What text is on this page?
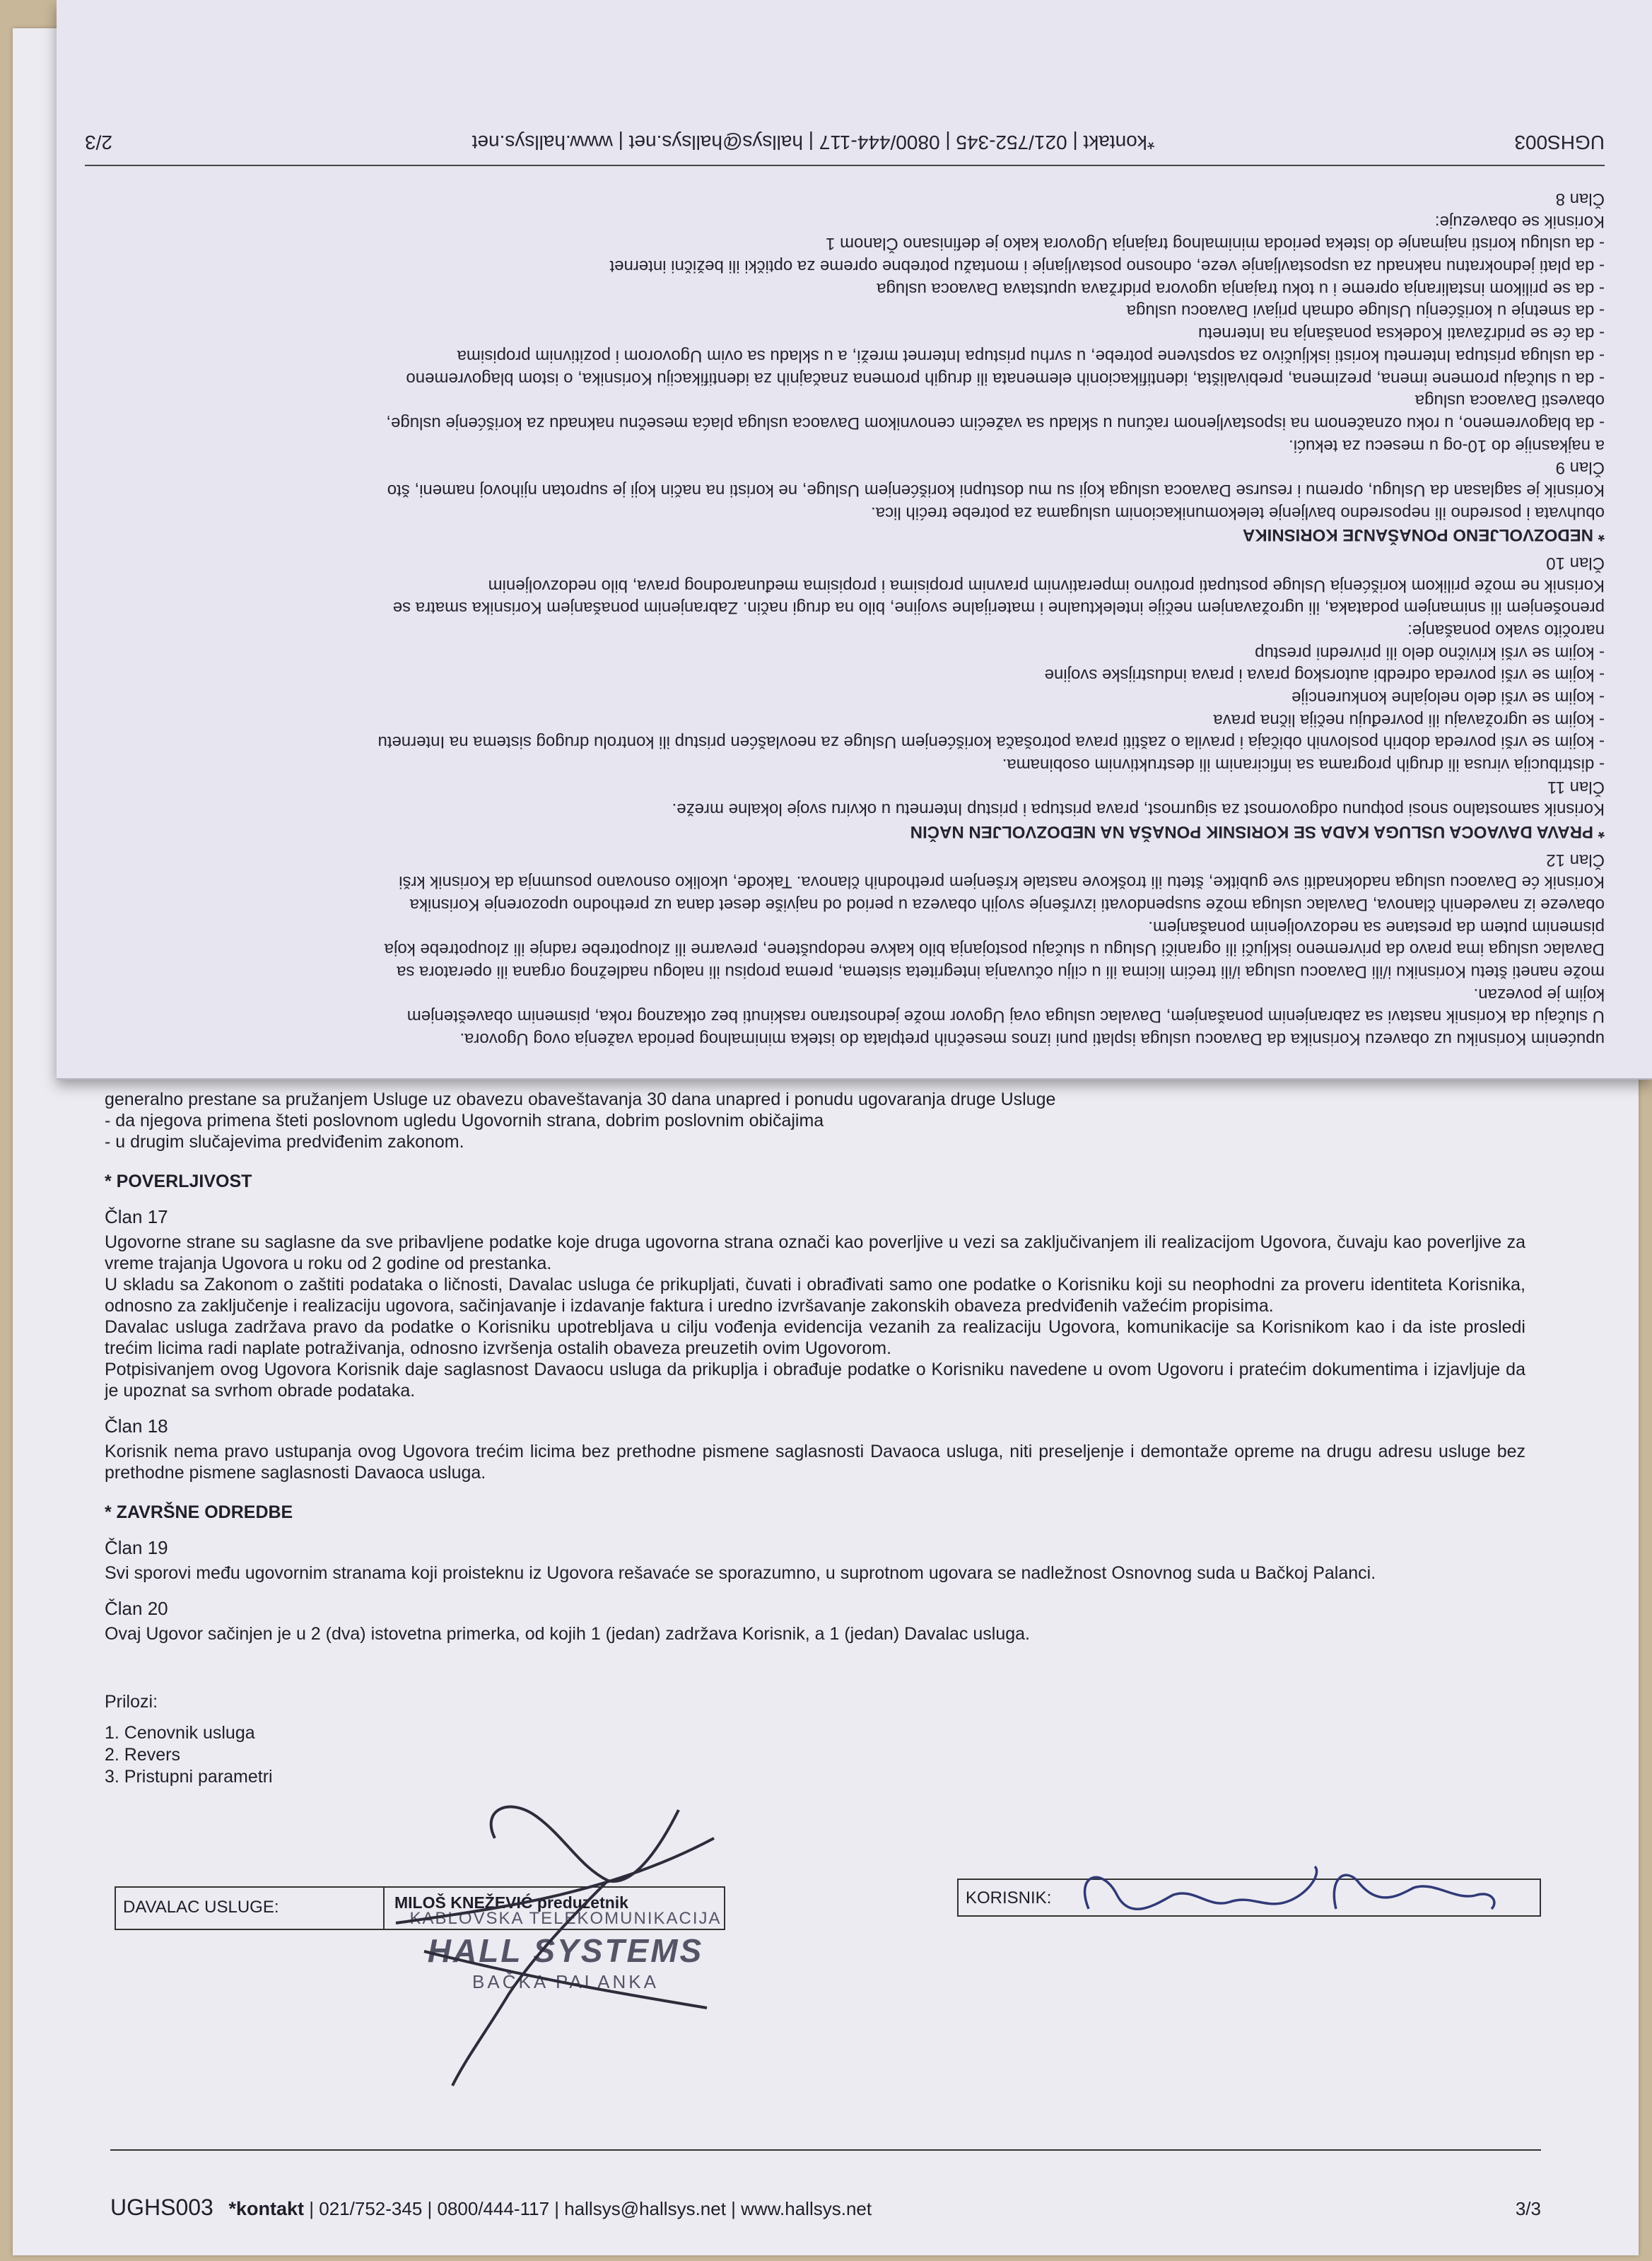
upućenim Korisniku uz obavezu Korisnika da Davaocu usluga isplati puni iznos mesečnih pretplata do isteka minimalnog perioda važenja ovog Ugovora.
U slučaju da Korisnik nastavi sa zabranjenim ponašanjem, Davalac usluga ovaj Ugovor može jednostrano raskinuti bez otkaznog roka, pismenim obaveštenjem
kojim je povezan.
može naneti štetu Korisniku i/ili Davaocu usluga i/ili trećim licima ili u cilju očuvanja integriteta sistema, prema propisu ili nalogu nadležnog organa ili operatora sa
Davalac usluga ima pravo da privremeno isključi ili ograniči Uslugu u slučaju postojanja bilo kakve nedopuštene, prevarne ili zloupotrebe radnje ili zloupotrebe koja
pismenim putem da prestane sa nedozvoljenim ponašanjem.
obaveze iz navedenih članova, Davalac usluga može suspendovati izvršenje svojih obaveza u period od najviše deset dana uz prethodno upozorenje Korisnika
Korisnik će Davaocu usluga nadoknaditi sve gubitke, štetu ili troškove nastale kršenjem prethodnih članova. Takođe, ukoliko osnovano posumnja da Korisnik krši
Član 12
* PRAVA DAVAOCA USLUGA KADA SE KORISNIK PONAŠA NA NEDOZVOLJEN NAČIN
Korisnik samostalno snosi potpunu odgovornost za sigurnost, prava pristupa i pristup Internetu u okviru svoje lokalne mreže.
Član 11
- distribucija virusa ili drugih programa sa inficiranim ili destruktivnim osobinama.
- kojim se vrši povreda dobrih poslovnih običaja i pravila o zaštiti prava potrošača korišćenjem Usluge za neovlašćen pristup ili kontrolu drugog sistema na Internetu
- kojim se ugrožavaju ili povređuju nečija lična prava
- kojim se vrši delo nelojalne konkurencije
- kojim se vrši povreda odredbi autorskog prava i prava industrijske svojine
- kojim se vrši krivično delo ili privredni prestup
naročito svako ponašanje:
prenošenjem ili snimanjem podataka, ili ugrožavanjem nečije intelektualne i materijalne svojine, bilo na drugi način. Zabranjenim ponašanjem Korisnika smatra se
Korisnik ne može prilikom korišćenja Usluge postupati protivno imperativnim pravnim propisima i propisima međunarodnog prava, bilo nedozvoljenim
Član 10
* NEDOZVOLJENO PONAŠANJE KORISNIKA
obuhvata i posredno ili neposredno bavljenje telekomunikacionim uslugama za potrebe trećih lica.
Korisnik je saglasan da Uslugu, opremu i resurse Davaoca usluga koji su mu dostupni korišćenjem Usluge, ne koristi na način koji je suprotan njihovoj nameni, što
Član 9
a najkasnije do 10-og u mesecu za tekući.
- da blagovremeno, u roku označenom na ispostavljenom računu u skladu sa važećim cenovnikom Davaoca usluga plaća mesečnu naknadu za korišćenje usluge,
obavesti Davaoca usluga
- da u slučaju promene imena, prezimena, prebivališta, identifikacionih elemenata ili drugih promena značajnih za identifikaciju Korisnika, o istom blagovremeno
- da usluga pristupa Internetu koristi isključivo za sopstvene potrebe, u svrhu pristupa Internet mreži, a u skladu sa ovim Ugovorom i pozitivnim propisima
- da će se pridržavati Kodeksa ponašanja na Internetu
- da smetnje u korišćenju Usluge odmah prijavi Davaocu usluga
- da se prilikom instaliranja opreme i u toku trajanja ugovora pridržava uputstava Davaoca usluga
- da plati jednokratnu naknadu za uspostavljanje veze, odnosno postavljanje i montažu potrebne opreme za optički ili bežični internet
- da uslugu koristi najmanje do isteka perioda minimalnog trajanja Ugovora kako je definisano Članom 1
Korisnik se obavezuje:
Član 8
UGHS003
*kontakt | 021/752-345 | 0800/444-117 | hallsys@hallsys.net | www.hallsys.net
2/3
generalno prestane sa pružanjem Usluge uz obavezu obaveštavanja 30 dana unapred i ponudu ugovaranja druge Usluge
- da njegova primena šteti poslovnom ugledu Ugovornih strana, dobrim poslovnim običajima
- u drugim slučajevima predviđenim zakonom.
* POVERLJIVOST
Član 17
Ugovorne strane su saglasne da sve pribavljene podatke koje druga ugovorna strana označi kao poverljive u vezi sa zaključivanjem ili realizacijom Ugovora, čuvaju kao poverljive za vreme trajanja Ugovora u roku od 2 godine od prestanka.
U skladu sa Zakonom o zaštiti podataka o ličnosti, Davalac usluga će prikupljati, čuvati i obrađivati samo one podatke o Korisniku koji su neophodni za proveru identiteta Korisnika, odnosno za zaključenje i realizaciju ugovora, sačinjavanje i izdavanje faktura i uredno izvršavanje zakonskih obaveza predviđenih važećim propisima.
Davalac usluga zadržava pravo da podatke o Korisniku upotrebljava u cilju vođenja evidencija vezanih za realizaciju Ugovora, komunikacije sa Korisnikom kao i da iste prosledi trećim licima radi naplate potraživanja, odnosno izvršenja ostalih obaveza preuzetih ovim Ugovorom.
Potpisivanjem ovog Ugovora Korisnik daje saglasnost Davaocu usluga da prikuplja i obrađuje podatke o Korisniku navedene u ovom Ugovoru i pratećim dokumentima i izjavljuje da je upoznat sa svrhom obrade podataka.
Član 18
Korisnik nema pravo ustupanja ovog Ugovora trećim licima bez prethodne pismene saglasnosti Davaoca usluga, niti preseljenje i demontaže opreme na drugu adresu usluge bez prethodne pismene saglasnosti Davaoca usluga.
* ZAVRŠNE ODREDBE
Član 19
Svi sporovi među ugovornim stranama koji proisteknu iz Ugovora rešavaće se sporazumno, u suprotnom ugovara se nadležnost Osnovnog suda u Bačkoj Palanci.
Član 20
Ovaj Ugovor sačinjen je u 2 (dva) istovetna primerka, od kojih 1 (jedan) zadržava Korisnik, a 1 (jedan) Davalac usluga.
Prilozi:
1. Cenovnik usluga
2. Revers
3. Pristupni parametri
DAVALAC USLUGE:	MILOŠ KNEŽEVIĆ preduzetnik
KABLOVSKA TELEKOMUNIKACIJA
HALL SYSTEMS
BAČKA PALANKA
KORISNIK:
UGHS003 *kontakt | 021/752-345 | 0800/444-117 | hallsys@hallsys.net | www.hallsys.net	3/3
